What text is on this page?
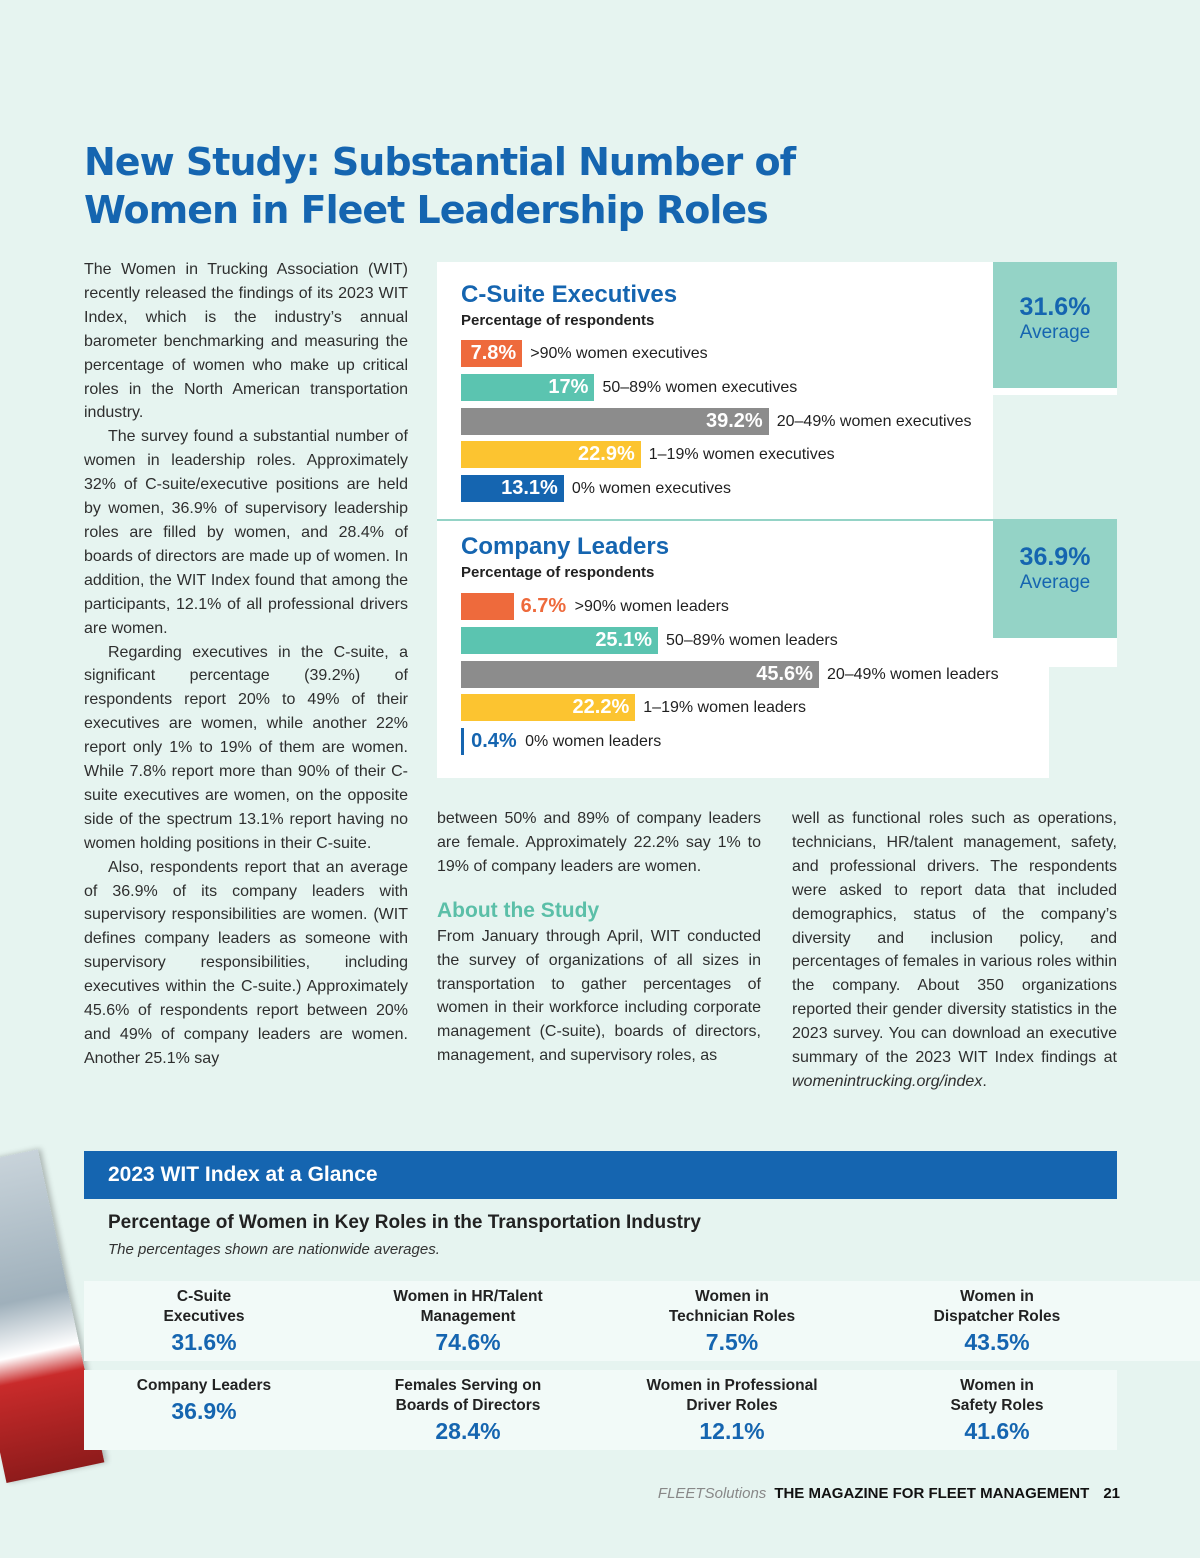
New Study: Substantial Number of Women in Fleet Leadership Roles

The Women in Trucking Association (WIT) recently released the findings of its 2023 WIT Index, which is the industry’s annual barometer benchmarking and measuring the percentage of women who make up critical roles in the North American transportation industry.

The survey found a substantial number of women in leadership roles. Approximately 32% of C-suite/executive positions are held by women, 36.9% of supervisory leadership roles are filled by women, and 28.4% of boards of directors are made up of women. In addition, the WIT Index found that among the participants, 12.1% of all professional drivers are women.

Regarding executives in the C-suite, a significant percentage (39.2%) of respondents report 20% to 49% of their executives are women, while another 22% report only 1% to 19% of them are women. While 7.8% report more than 90% of their C-suite executives are women, on the opposite side of the spectrum 13.1% report having no women holding positions in their C-suite.

Also, respondents report that an average of 36.9% of its company leaders with supervisory responsibilities are women. (WIT defines company leaders as someone with supervisory responsibilities, including executives within the C-suite.) Approximately 45.6% of respondents report between 20% and 49% of company leaders are women. Another 25.1% say

31.6%
Average
36.9%
Average
C-Suite Executives
Percentage of respondents
Company Leaders
Percentage of respondents
7.8% >90% women executives
17% 50–89% women executives
39.2% 20–49% women executives
22.9% 1–19% women executives
13.1% 0% women executives
6.7% >90% women leaders
25.1% 50–89% women leaders
45.6% 20–49% women leaders
22.2% 1–19% women leaders
0.4% 0% women leaders

between 50% and 89% of company leaders are female. Approximately 22.2% say 1% to 19% of company leaders are women.

About the Study

From January through April, WIT conducted the survey of organizations of all sizes in transportation to gather percentages of women in their workforce including corporate management (C-suite), boards of directors, management, and supervisory roles, as

well as functional roles such as operations, technicians, HR/talent management, safety, and professional drivers. The respondents were asked to report data that included demographics, status of the company’s diversity and inclusion policy, and percentages of females in various roles within the company. About 350 organizations reported their gender diversity statistics in the 2023 survey. You can download an executive summary of the 2023 WIT Index findings at womenintrucking.org/index.

2023 WIT Index at a Glance
Percentage of Women in Key Roles in the Transportation Industry
The percentages shown are nationwide averages.
C-Suite
Executives
31.6%
Women in HR/Talent
Management
74.6%
Women in
Technician Roles
7.5%
Women in
Dispatcher Roles
43.5%
Company Leaders
36.9%
Females Serving on
Boards of Directors
28.4%
Women in Professional
Driver Roles
12.1%
Women in
Safety Roles
41.6%
FLEETSolutions THE MAGAZINE FOR FLEET MANAGEMENT 21
